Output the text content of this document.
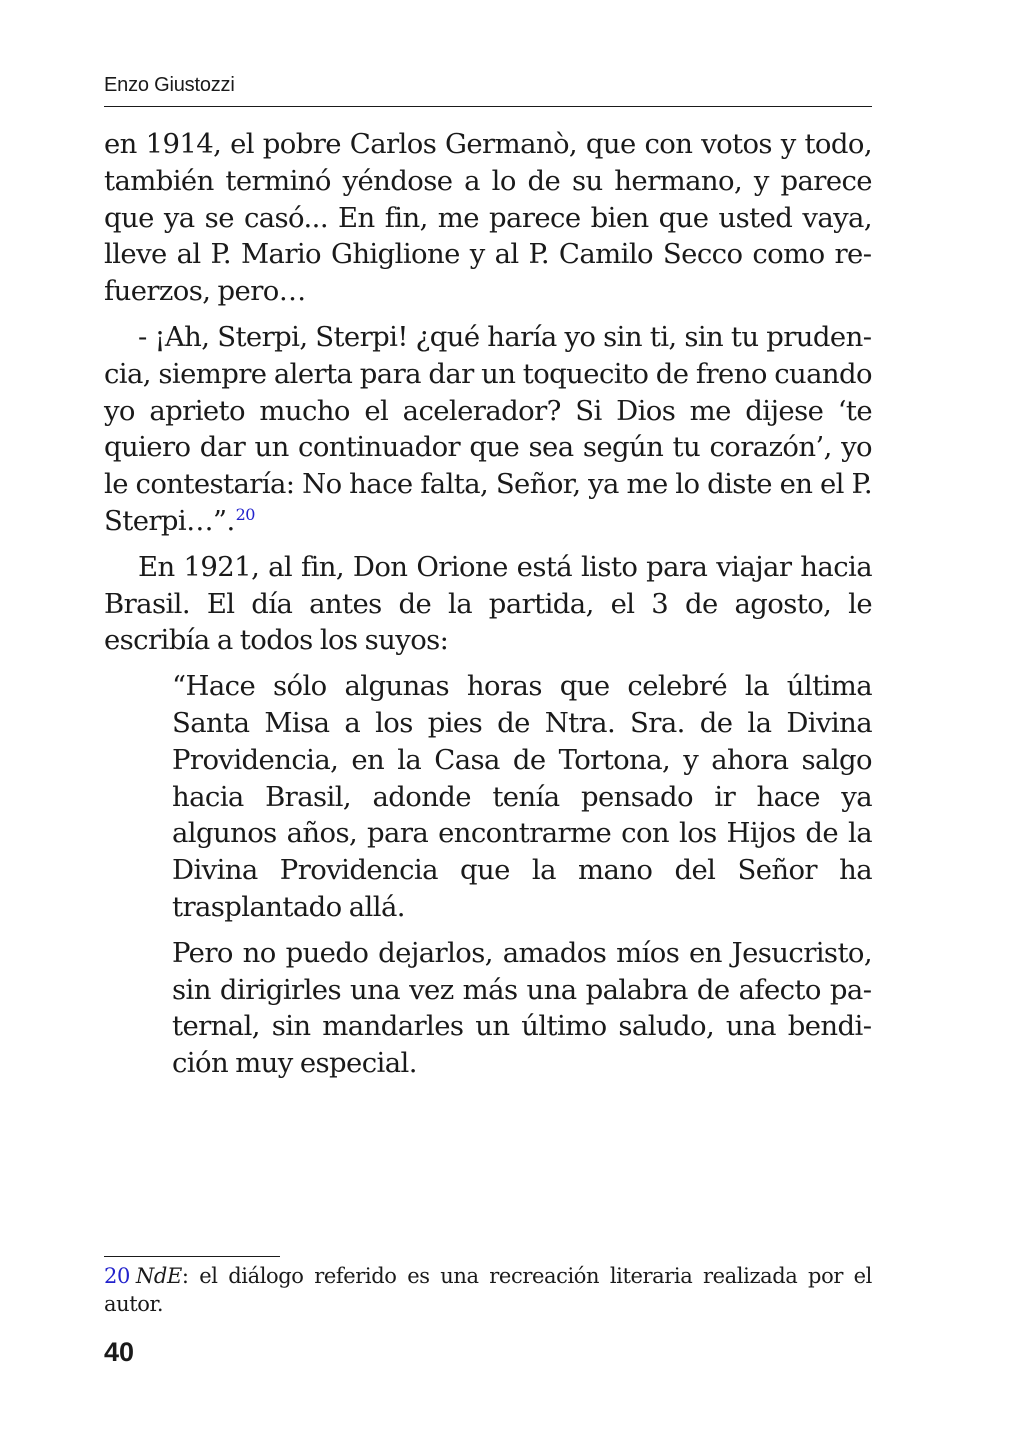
Enzo Giustozzi

en 1914, el pobre Carlos Germanò, que con votos y todo, también terminó yéndose a lo de su hermano, y parece que ya se casó... En fin, me parece bien que usted vaya, lleve al P. Mario Ghiglione y al P. Camilo Secco como refuerzos, pero…

- ¡Ah, Sterpi, Sterpi! ¿qué haría yo sin ti, sin tu prudencia, siempre alerta para dar un toquecito de freno cuando yo aprieto mucho el acelerador? Si Dios me dijese ‘te quiero dar un continuador que sea según tu corazón’, yo le contestaría: No hace falta, Señor, ya me lo diste en el P. Sterpi…”.$^{20}$

En 1921, al fin, Don Orione está listo para viajar hacia Brasil. El día antes de la partida, el 3 de agosto, le escribía a todos los suyos:

“Hace sólo algunas horas que celebré la última Santa Misa a los pies de Ntra. Sra. de la Divina Providencia, en la Casa de Tortona, y ahora salgo hacia Brasil, adonde tenía pensado ir hace ya algunos años, para encontrarme con los Hijos de la Divina Providencia que la mano del Señor ha trasplantado allá.

Pero no puedo dejarlos, amados míos en Jesucristo, sin dirigirles una vez más una palabra de afecto paternal, sin mandarles un último saludo, una bendición muy especial.

20 NdE: el diálogo referido es una recreación literaria realizada por el autor.
40
